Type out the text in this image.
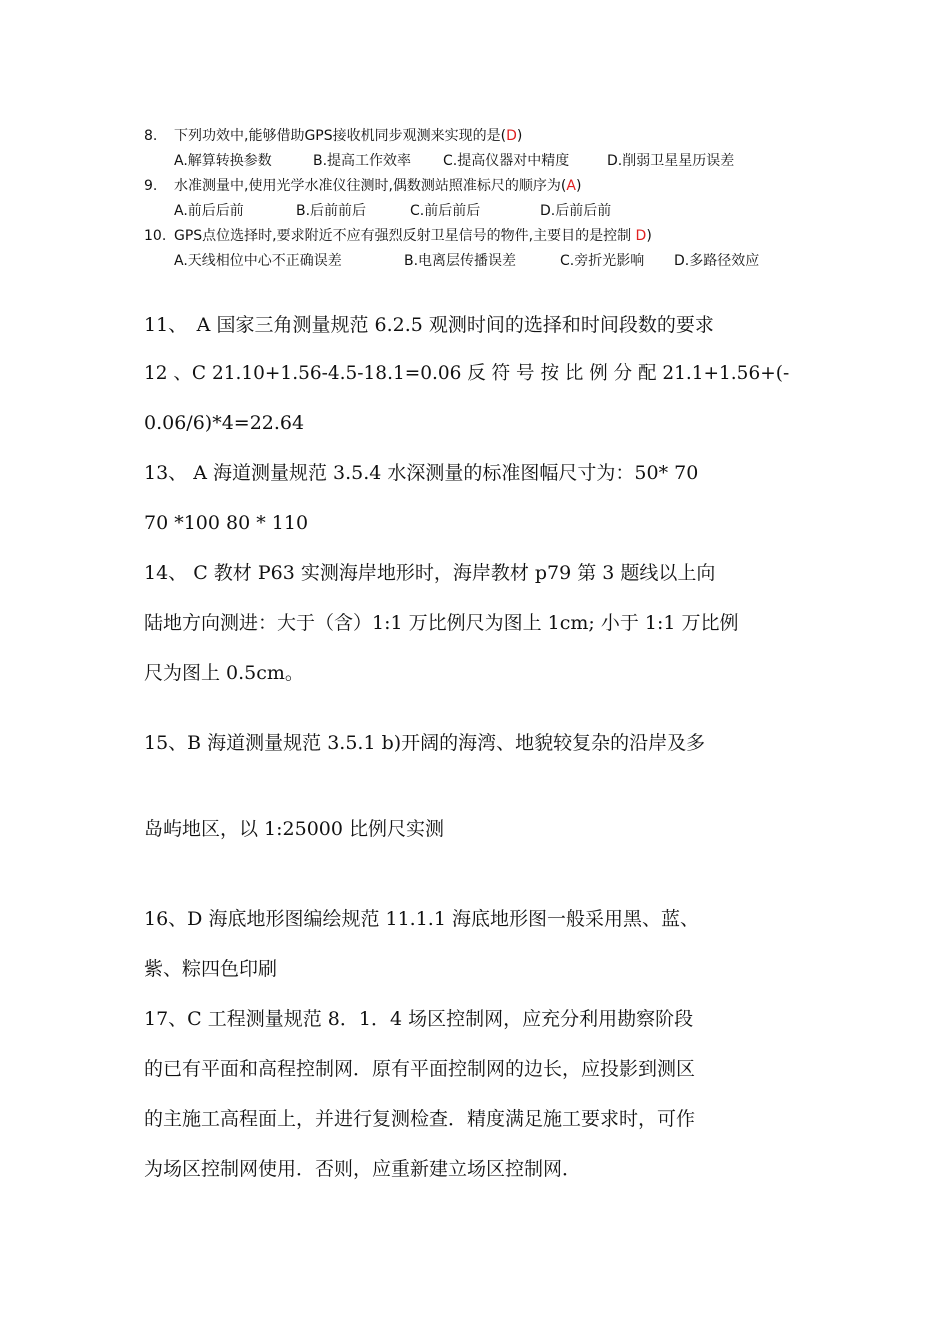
8. 下列功效中,能够借助GPS接收机同步观测来实现的是(D)
A.解算转换参数	B.提高工作效率 C.提高仪器对中精度	D.削弱卫星星历误差
9. 水准测量中,使用光学水准仪往测时,偶数测站照准标尺的顺序为(A)
A.前后后前	B.后前前后	C.前后前后	D.后前后前
10. GPS点位选择时,要求附近不应有强烈反射卫星信号的物件,主要目的是控制 D)
A.天线相位中心不正确误差	B.电离层传播误差	C.旁折光影响 D.多路径效应
11、　A 国家三角测量规范 6.2.5 观测时间的选择和时间段数的要求
12 、C 21.10+1.56-4.5-18.1=0.06 反 符 号 按 比 例 分 配 21.1+1.56+(-
0.06/6)*4=22.64
13、 A 海道测量规范 3.5.4 水深测量的标准图幅尺寸为：50* 70
70 *100 80 * 110
14、 C 教材 P63 实测海岸地形时，海岸教材 p79 第 3 题线以上向
陆地方向测进：大于（含）1:1 万比例尺为图上 1cm; 小于 1:1 万比例
尺为图上 0.5cm。
15、B 海道测量规范 3.5.1 b)开阔的海湾、地貌较复杂的沿岸及多
岛屿地区，以 1:25000 比例尺实测
16、D 海底地形图编绘规范 11.1.1 海底地形图一般采用黑、蓝、
紫、粽四色印刷
17、C 工程测量规范 8．1．4 场区控制网，应充分利用勘察阶段
的已有平面和高程控制网．原有平面控制网的边长，应投影到测区
的主施工高程面上，并进行复测检查．精度满足施工要求时，可作
为场区控制网使用．否则，应重新建立场区控制网．
